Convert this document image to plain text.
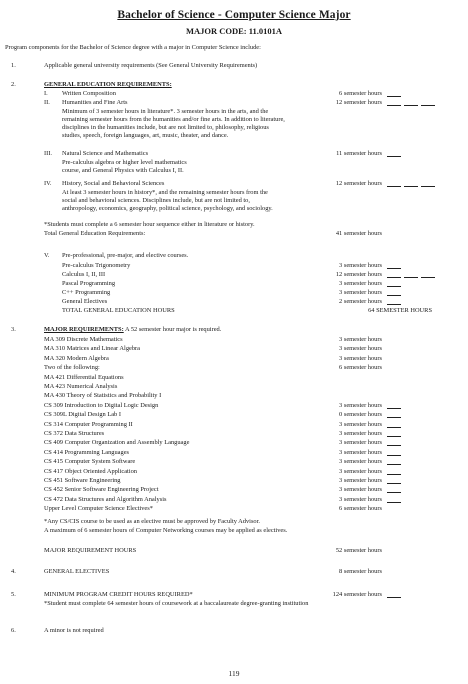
Bachelor of Science - Computer Science Major
MAJOR CODE: 11.0101A
Program components for the Bachelor of Science degree with a major in Computer Science include:
1.	Applicable general university requirements (See General University Requirements)
2.	GENERAL EDUCATION REQUIREMENTS:
I. Written Composition	6 semester hours
II. Humanities and Fine Arts	12 semester hours
Minimum of 3 semester hours in literature*. 3 semester hours in the arts, and the
remaining semester hours from the humanities and/or fine arts. In addition to literature,
disciplines in the humanities include, but are not limited to, philosophy, religious
studies, speech, foreign languages, art, music, theater, and dance.
III. Natural Science and Mathematics	11 semester hours
Pre-calculus algebra or higher level mathematics
course, and General Physics with Calculus I, II.
IV. History, Social and Behavioral Sciences	12 semester hours
At least 3 semester hours in history*, and the remaining semester hours from the
social and behavioral sciences. Disciplines include, but are not limited to,
anthropology, economics, geography, political science, psychology, and sociology.
*Students must complete a 6 semester hour sequence either in literature or history.
Total General Education Requirements:	41 semester hours
V. Pre-professional, pre-major, and elective courses.
Pre-calculus Trigonometry	3 semester hours
Calculus I, II, III	12 semester hours
Pascal Programming	3 semester hours
C++ Programming	3 semester hours
General Electives	2 semester hours
TOTAL GENERAL EDUCATION HOURS	64 SEMESTER HOURS
3.	MAJOR REQUIREMENTS: A 52 semester hour major is required.
MA 309 Discrete Mathematics	3 semester hours
MA 310 Matrices and Linear Algebra	3 semester hours
MA 320 Modern Algebra	3 semester hours
Two of the following:	6 semester hours
MA 421 Differential Equations
MA 423 Numerical Analysis
MA 430 Theory of Statistics and Probability I
CS 309 Introduction to Digital Logic Design	3 semester hours
CS 309L Digital Design Lab I	0 semester hours
CS 314 Computer Programming II	3 semester hours
CS 372 Data Structures	3 semester hours
CS 409 Computer Organization and Assembly Language	3 semester hours
CS 414 Programming Languages	3 semester hours
CS 415 Computer System Software	3 semester hours
CS 417 Object Oriented Application	3 semester hours
CS 451 Software Engineering	3 semester hours
CS 452 Senior Software Engineering Project	3 semester hours
CS 472 Data Structures and Algorithm Analysis	3 semester hours
Upper Level Computer Science Electives*	6 semester hours
*Any CS/CIS course to be used as an elective must be approved by Faculty Advisor.
A maximum of 6 semester hours of Computer Networking courses may be applied as electives.
MAJOR REQUIREMENT HOURS	52 semester hours
4.	GENERAL ELECTIVES	8 semester hours
5.	MINIMUM PROGRAM CREDIT HOURS REQUIRED*	124 semester hours
*Student must complete 64 semester hours of coursework at a baccalaureate degree-granting institution
6.	A minor is not required
119
